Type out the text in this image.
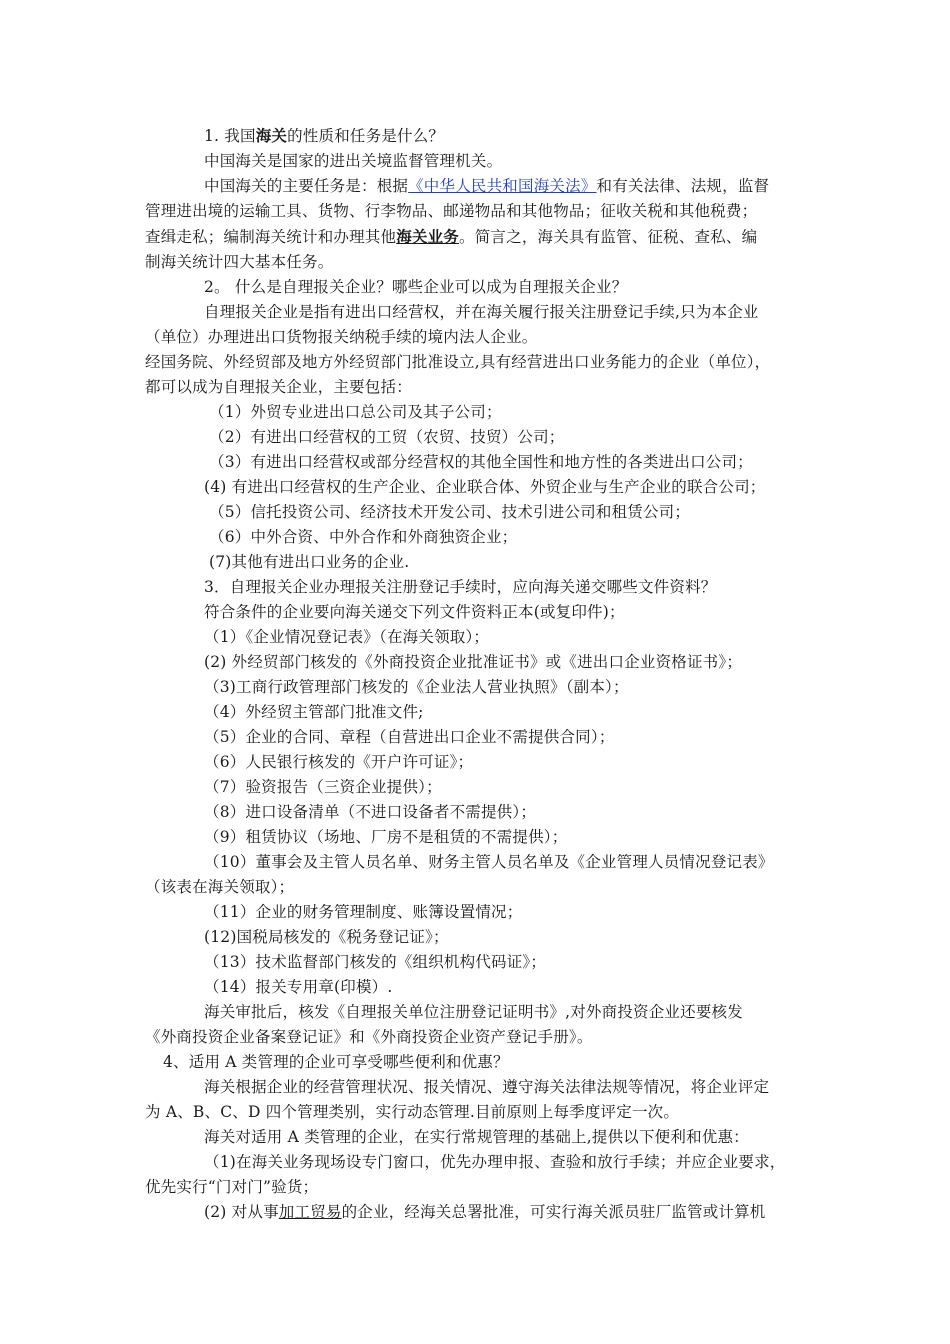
1. 我国海关的性质和任务是什么？
中国海关是国家的进出关境监督管理机关。
中国海关的主要任务是：根据《中华人民共和国海关法》和有关法律、法规，监督
管理进出境的运输工具、货物、行李物品、邮递物品和其他物品；征收关税和其他税费；
查缉走私；编制海关统计和办理其他海关业务。简言之，海关具有监管、征税、查私、编
制海关统计四大基本任务。
2。 什么是自理报关企业？哪些企业可以成为自理报关企业？
自理报关企业是指有进出口经营权，并在海关履行报关注册登记手续,只为本企业
（单位）办理进出口货物报关纳税手续的境内法人企业。
经国务院、外经贸部及地方外经贸部门批准设立,具有经营进出口业务能力的企业（单位），
都可以成为自理报关企业，主要包括：
（1）外贸专业进出口总公司及其子公司；
（2）有进出口经营权的工贸（农贸、技贸）公司；
（3）有进出口经营权或部分经营权的其他全国性和地方性的各类进出口公司；
(4) 有进出口经营权的生产企业、企业联合体、外贸企业与生产企业的联合公司；
（5）信托投资公司、经济技术开发公司、技术引进公司和租赁公司；
（6）中外合资、中外合作和外商独资企业；
(7)其他有进出口业务的企业.
3．自理报关企业办理报关注册登记手续时，应向海关递交哪些文件资料？
符合条件的企业要向海关递交下列文件资料正本(或复印件)；
（1）《企业情况登记表》（在海关领取）；
(2) 外经贸部门核发的《外商投资企业批准证书》或《进出口企业资格证书》；
（3)工商行政管理部门核发的《企业法人营业执照》（副本）；
（4）外经贸主管部门批准文件;
（5）企业的合同、章程（自营进出口企业不需提供合同）；
（6）人民银行核发的《开户许可证》；
（7）验资报告（三资企业提供）；
（8）进口设备清单（不进口设备者不需提供）；
（9）租赁协议（场地、厂房不是租赁的不需提供）；
（10）董事会及主管人员名单、财务主管人员名单及《企业管理人员情况登记表》
（该表在海关领取）；
（11）企业的财务管理制度、账簿设置情况；
(12)国税局核发的《税务登记证》；
（13）技术监督部门核发的《组织机构代码证》；
（14）报关专用章(印模）.
海关审批后，核发《自理报关单位注册登记证明书》,对外商投资企业还要核发
《外商投资企业备案登记证》和《外商投资企业资产登记手册》。
4、适用 A 类管理的企业可享受哪些便利和优惠？
海关根据企业的经营管理状况、报关情况、遵守海关法律法规等情况，将企业评定
为 A、B、C、D 四个管理类别，实行动态管理.目前原则上每季度评定一次。
海关对适用 A 类管理的企业，在实行常规管理的基础上,提供以下便利和优惠：
（1)在海关业务现场设专门窗口，优先办理申报、查验和放行手续；并应企业要求，
优先实行“门对门”验货；
(2) 对从事加工贸易的企业，经海关总署批准，可实行海关派员驻厂监管或计算机
